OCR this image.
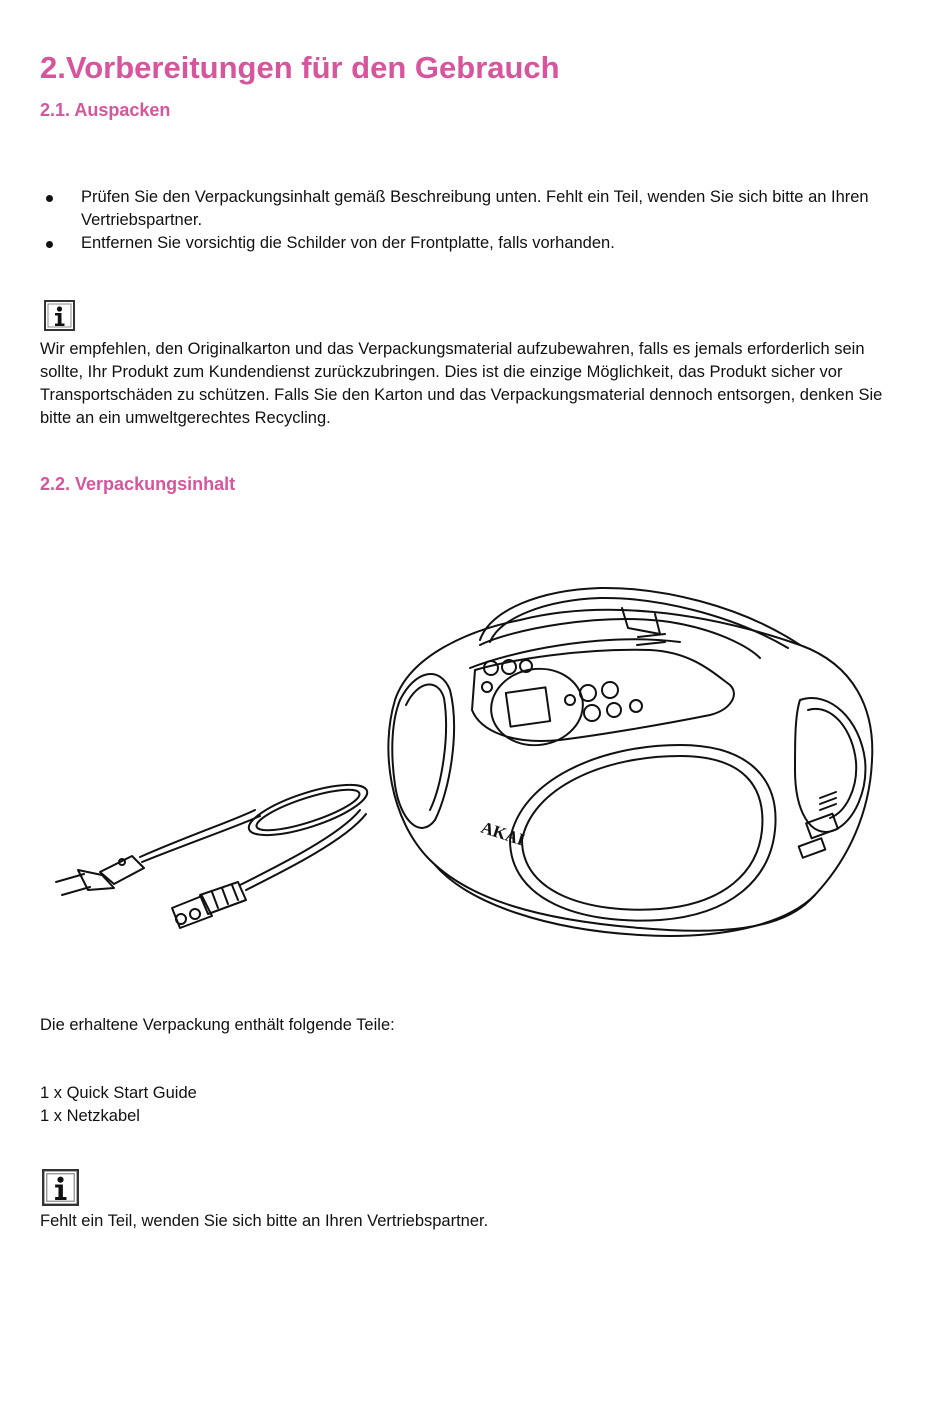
2.Vorbereitungen für den Gebrauch
2.1. Auspacken
Prüfen Sie den Verpackungsinhalt gemäß Beschreibung unten. Fehlt ein Teil, wenden Sie sich bitte an Ihren Vertriebspartner.
Entfernen Sie vorsichtig die Schilder von der Frontplatte, falls vorhanden.

Wir empfehlen, den Originalkarton und das Verpackungsmaterial aufzubewahren, falls es jemals erforderlich sein sollte, Ihr Produkt zum Kundendienst zurückzubringen. Dies ist die einzige Möglichkeit, das Produkt sicher vor Transportschäden zu schützen. Falls Sie den Karton und das Verpackungsmaterial dennoch entsorgen, denken Sie bitte an ein umweltgerechtes Recycling.

2.2. Verpackungsinhalt
AKAI

Die erhaltene Verpackung enthält folgende Teile:

1 x Quick Start Guide

1 x Netzkabel

Fehlt ein Teil, wenden Sie sich bitte an Ihren Vertriebspartner.
